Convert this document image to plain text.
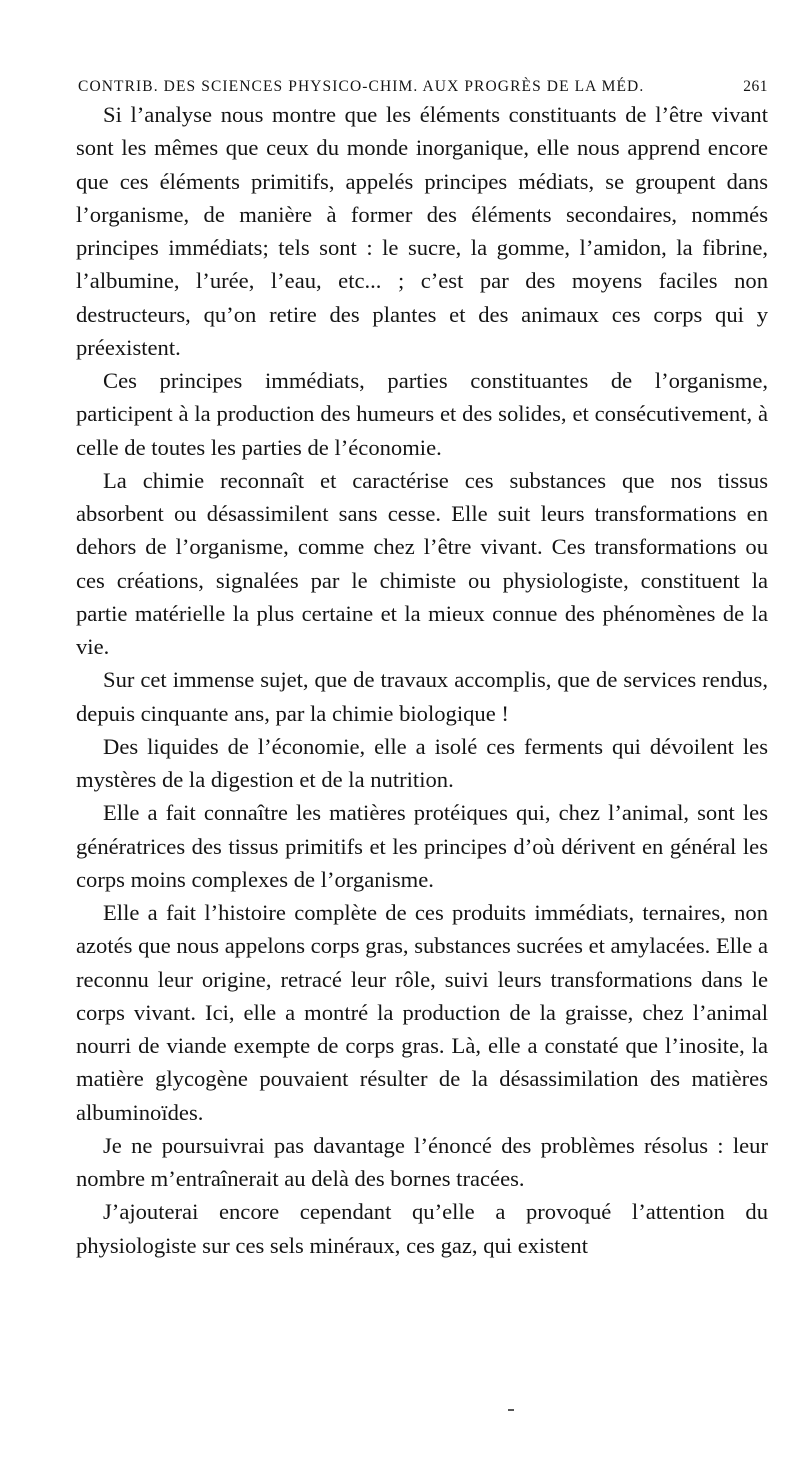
CONTRIB. DES SCIENCES PHYSICO-CHIM. AUX PROGRÈS DE LA MÉD.	261

Si l’analyse nous montre que les éléments constituants de l’être vivant sont les mêmes que ceux du monde inorganique, elle nous apprend encore que ces éléments primitifs, appelés principes médiats, se groupent dans l’organisme, de manière à former des éléments secondaires, nommés principes immédiats; tels sont : le sucre, la gomme, l’amidon, la fibrine, l’albumine, l’urée, l’eau, etc... ; c’est par des moyens faciles non destructeurs, qu’on retire des plantes et des animaux ces corps qui y préexistent.

Ces principes immédiats, parties constituantes de l’organisme, participent à la production des humeurs et des solides, et consécutivement, à celle de toutes les parties de l’économie.

La chimie reconnaît et caractérise ces substances que nos tissus absorbent ou désassimilent sans cesse. Elle suit leurs transformations en dehors de l’organisme, comme chez l’être vivant. Ces transformations ou ces créations, signalées par le chimiste ou physiologiste, constituent la partie matérielle la plus certaine et la mieux connue des phénomènes de la vie.

Sur cet immense sujet, que de travaux accomplis, que de services rendus, depuis cinquante ans, par la chimie biologique !

Des liquides de l’économie, elle a isolé ces ferments qui dévoilent les mystères de la digestion et de la nutrition.

Elle a fait connaître les matières protéiques qui, chez l’animal, sont les génératrices des tissus primitifs et les principes d’où dérivent en général les corps moins complexes de l’organisme.

Elle a fait l’histoire complète de ces produits immédiats, ternaires, non azotés que nous appelons corps gras, substances sucrées et amylacées. Elle a reconnu leur origine, retracé leur rôle, suivi leurs transformations dans le corps vivant. Ici, elle a montré la production de la graisse, chez l’animal nourri de viande exempte de corps gras. Là, elle a constaté que l’inosite, la matière glycogène pouvaient résulter de la désassimilation des matières albuminoïdes.

Je ne poursuivrai pas davantage l’énoncé des problèmes résolus : leur nombre m’entraînerait au delà des bornes tracées.

J’ajouterai encore cependant qu’elle a provoqué l’attention du physiologiste sur ces sels minéraux, ces gaz, qui existent
